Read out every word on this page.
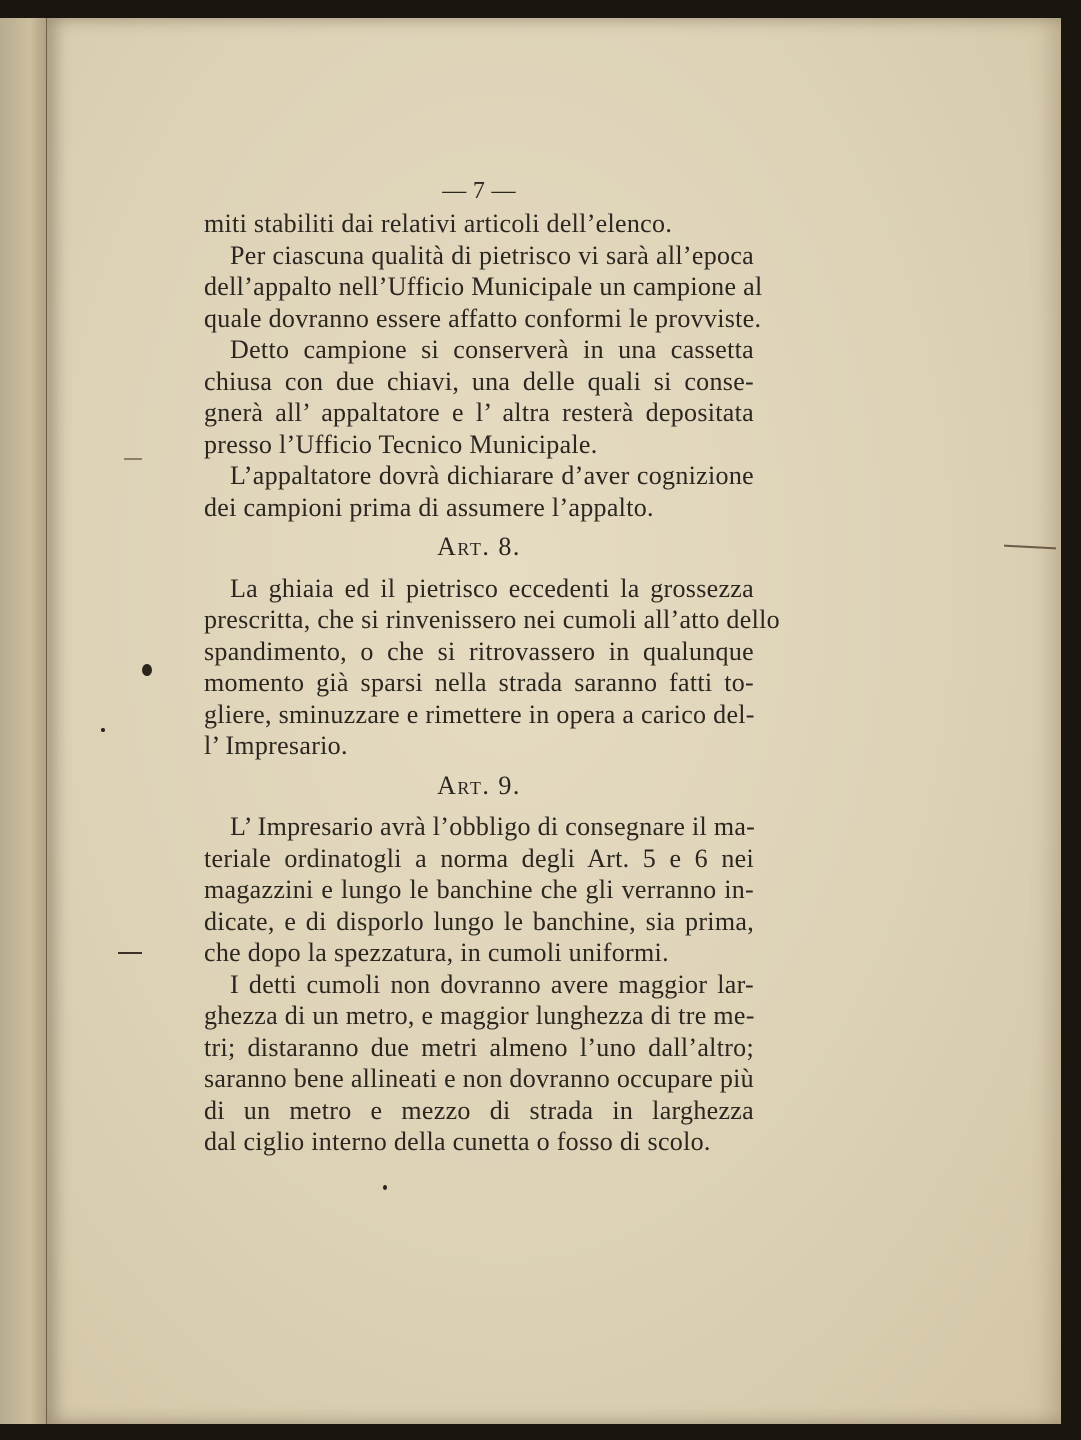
— 7 —
miti stabiliti dai relativi articoli dell’elenco.
Per ciascuna qualità di pietrisco vi sarà all’epoca
dell’appalto nell’Ufficio Municipale un campione al
quale dovranno essere affatto conformi le provviste.
Detto campione si conserverà in una cassetta
chiusa con due chiavi, una delle quali si conse-
gnerà all’ appaltatore e l’ altra resterà depositata
presso l’Ufficio Tecnico Municipale.
L’appaltatore dovrà dichiarare d’aver cognizione
dei campioni prima di assumere l’appalto.
Art. 8.
La ghiaia ed il pietrisco eccedenti la grossezza
prescritta, che si rinvenissero nei cumoli all’atto dello
spandimento, o che si ritrovassero in qualunque
momento già sparsi nella strada saranno fatti to-
gliere, sminuzzare e rimettere in opera a carico del-
l’ Impresario.
Art. 9.
L’ Impresario avrà l’obbligo di consegnare il ma-
teriale ordinatogli a norma degli Art. 5 e 6 nei
magazzini e lungo le banchine che gli verranno in-
dicate, e di disporlo lungo le banchine, sia prima,
che dopo la spezzatura, in cumoli uniformi.
I detti cumoli non dovranno avere maggior lar-
ghezza di un metro, e maggior lunghezza di tre me-
tri; distaranno due metri almeno l’uno dall’altro;
saranno bene allineati e non dovranno occupare più
di un metro e mezzo di strada in larghezza
dal ciglio interno della cunetta o fosso di scolo.
